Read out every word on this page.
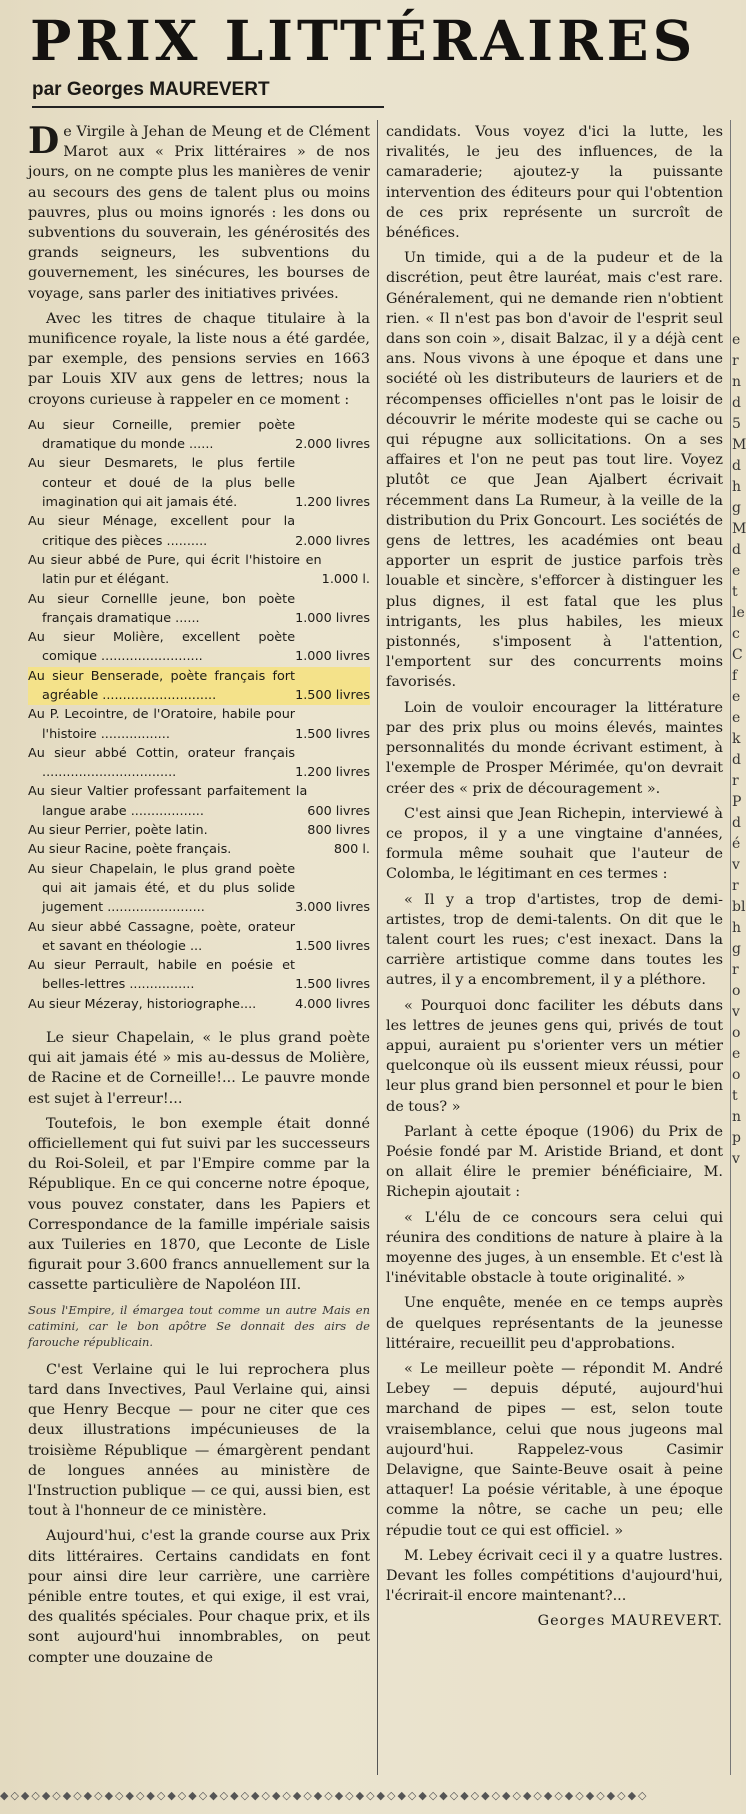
PRIX LITTÉRAIRES
par Georges MAUREVERT

De Virgile à Jehan de Meung et de Clément Marot aux « Prix littéraires » de nos jours, on ne compte plus les manières de venir au secours des gens de talent plus ou moins pauvres, plus ou moins ignorés : les dons ou subventions du souverain, les générosités des grands seigneurs, les subventions du gouvernement, les sinécures, les bourses de voyage, sans parler des initiatives privées.

Avec les titres de chaque titulaire à la munificence royale, la liste nous a été gardée, par exemple, des pensions servies en 1663 par Louis XIV aux gens de lettres; nous la croyons curieuse à rappeler en ce moment :

Au sieur Corneille, premier poète dramatique du monde ......	2.000 livres
Au sieur Desmarets, le plus fertile conteur et doué de la plus belle imagination qui ait jamais été.	1.200 livres
Au sieur Ménage, excellent pour la critique des pièces ..........	2.000 livres
Au sieur abbé de Pure, qui écrit l'histoire en latin pur et élégant.	1.000 l.
Au sieur Cornellle jeune, bon poète français dramatique ......	1.000 livres
Au sieur Molière, excellent poète comique .........................	1.000 livres
Au sieur Benserade, poète français fort agréable ............................	1.500 livres
Au P. Lecointre, de l'Oratoire, habile pour l'histoire .................	1.500 livres
Au sieur abbé Cottin, orateur français .................................	1.200 livres
Au sieur Valtier professant parfaitement la langue arabe ..................	600 livres
Au sieur Perrier, poète latin.	800 livres
Au sieur Racine, poète français.	800 l.
Au sieur Chapelain, le plus grand poète qui ait jamais été, et du plus solide jugement ........................	3.000 livres
Au sieur abbé Cassagne, poète, orateur et savant en théologie ...	1.500 livres
Au sieur Perrault, habile en poésie et belles-lettres ................	1.500 livres
Au sieur Mézeray, historiographe....	4.000 livres

Le sieur Chapelain, « le plus grand poète qui ait jamais été » mis au-dessus de Molière, de Racine et de Corneille!... Le pauvre monde est sujet à l'erreur!...

Toutefois, le bon exemple était donné officiellement qui fut suivi par les successeurs du Roi-Soleil, et par l'Empire comme par la République. En ce qui concerne notre époque, vous pouvez constater, dans les Papiers et Correspondance de la famille impériale saisis aux Tuileries en 1870, que Leconte de Lisle figurait pour 3.600 francs annuellement sur la cassette particulière de Napoléon III.

Sous l'Empire, il émargea tout comme un autre Mais en catimini, car le bon apôtre Se donnait des airs de farouche républicain.

C'est Verlaine qui le lui reprochera plus tard dans Invectives, Paul Verlaine qui, ainsi que Henry Becque — pour ne citer que ces deux illustrations impécunieuses de la troisième République — émargèrent pendant de longues années au ministère de l'Instruction publique — ce qui, aussi bien, est tout à l'honneur de ce ministère.

Aujourd'hui, c'est la grande course aux Prix dits littéraires. Certains candidats en font pour ainsi dire leur carrière, une carrière pénible entre toutes, et qui exige, il est vrai, des qualités spéciales. Pour chaque prix, et ils sont aujourd'hui innombrables, on peut compter une douzaine de

candidats. Vous voyez d'ici la lutte, les rivalités, le jeu des influences, de la camaraderie; ajoutez-y la puissante intervention des éditeurs pour qui l'obtention de ces prix représente un surcroît de bénéfices.

Un timide, qui a de la pudeur et de la discrétion, peut être lauréat, mais c'est rare. Généralement, qui ne demande rien n'obtient rien. « Il n'est pas bon d'avoir de l'esprit seul dans son coin », disait Balzac, il y a déjà cent ans. Nous vivons à une époque et dans une société où les distributeurs de lauriers et de récompenses officielles n'ont pas le loisir de découvrir le mérite modeste qui se cache ou qui répugne aux sollicitations. On a ses affaires et l'on ne peut pas tout lire. Voyez plutôt ce que Jean Ajalbert écrivait récemment dans La Rumeur, à la veille de la distribution du Prix Goncourt. Les sociétés de gens de lettres, les académies ont beau apporter un esprit de justice parfois très louable et sincère, s'efforcer à distinguer les plus dignes, il est fatal que les plus intrigants, les plus habiles, les mieux pistonnés, s'imposent à l'attention, l'emportent sur des concurrents moins favorisés.

Loin de vouloir encourager la littérature par des prix plus ou moins élevés, maintes personnalités du monde écrivant estiment, à l'exemple de Prosper Mérimée, qu'on devrait créer des « prix de découragement ».

C'est ainsi que Jean Richepin, interviewé à ce propos, il y a une vingtaine d'années, formula même souhait que l'auteur de Colomba, le légitimant en ces termes :

« Il y a trop d'artistes, trop de demi-artistes, trop de demi-talents. On dit que le talent court les rues; c'est inexact. Dans la carrière artistique comme dans toutes les autres, il y a encombrement, il y a pléthore.

« Pourquoi donc faciliter les débuts dans les lettres de jeunes gens qui, privés de tout appui, auraient pu s'orienter vers un métier quelconque où ils eussent mieux réussi, pour leur plus grand bien personnel et pour le bien de tous? »

Parlant à cette époque (1906) du Prix de Poésie fondé par M. Aristide Briand, et dont on allait élire le premier bénéficiaire, M. Richepin ajoutait :

« L'élu de ce concours sera celui qui réunira des conditions de nature à plaire à la moyenne des juges, à un ensemble. Et c'est là l'inévitable obstacle à toute originalité. »

Une enquête, menée en ce temps auprès de quelques représentants de la jeunesse littéraire, recueillit peu d'approbations.

« Le meilleur poète — répondit M. André Lebey — depuis député, aujourd'hui marchand de pipes — est, selon toute vraisemblance, celui que nous jugeons mal aujourd'hui. Rappelez-vous Casimir Delavigne, que Sainte-Beuve osait à peine attaquer! La poésie véritable, à une époque comme la nôtre, se cache un peu; elle répudie tout ce qui est officiel. »

M. Lebey écrivait ceci il y a quatre lustres. Devant les folles compétitions d'aujourd'hui, l'écrirait-il encore maintenant?...

Georges MAUREVERT.
e r n d 5 M d h g M d e t le c C f e e k d r P d é v r bl h g r o v o e o t n p v
◆◇◆◇◆◇◆◇◆◇◆◇◆◇◆◇◆◇◆◇◆◇◆◇◆◇◆◇◆◇◆◇◆◇◆◇◆◇◆◇◆◇◆◇◆◇◆◇◆◇◆◇◆◇◆◇◆◇◆◇◆◇
